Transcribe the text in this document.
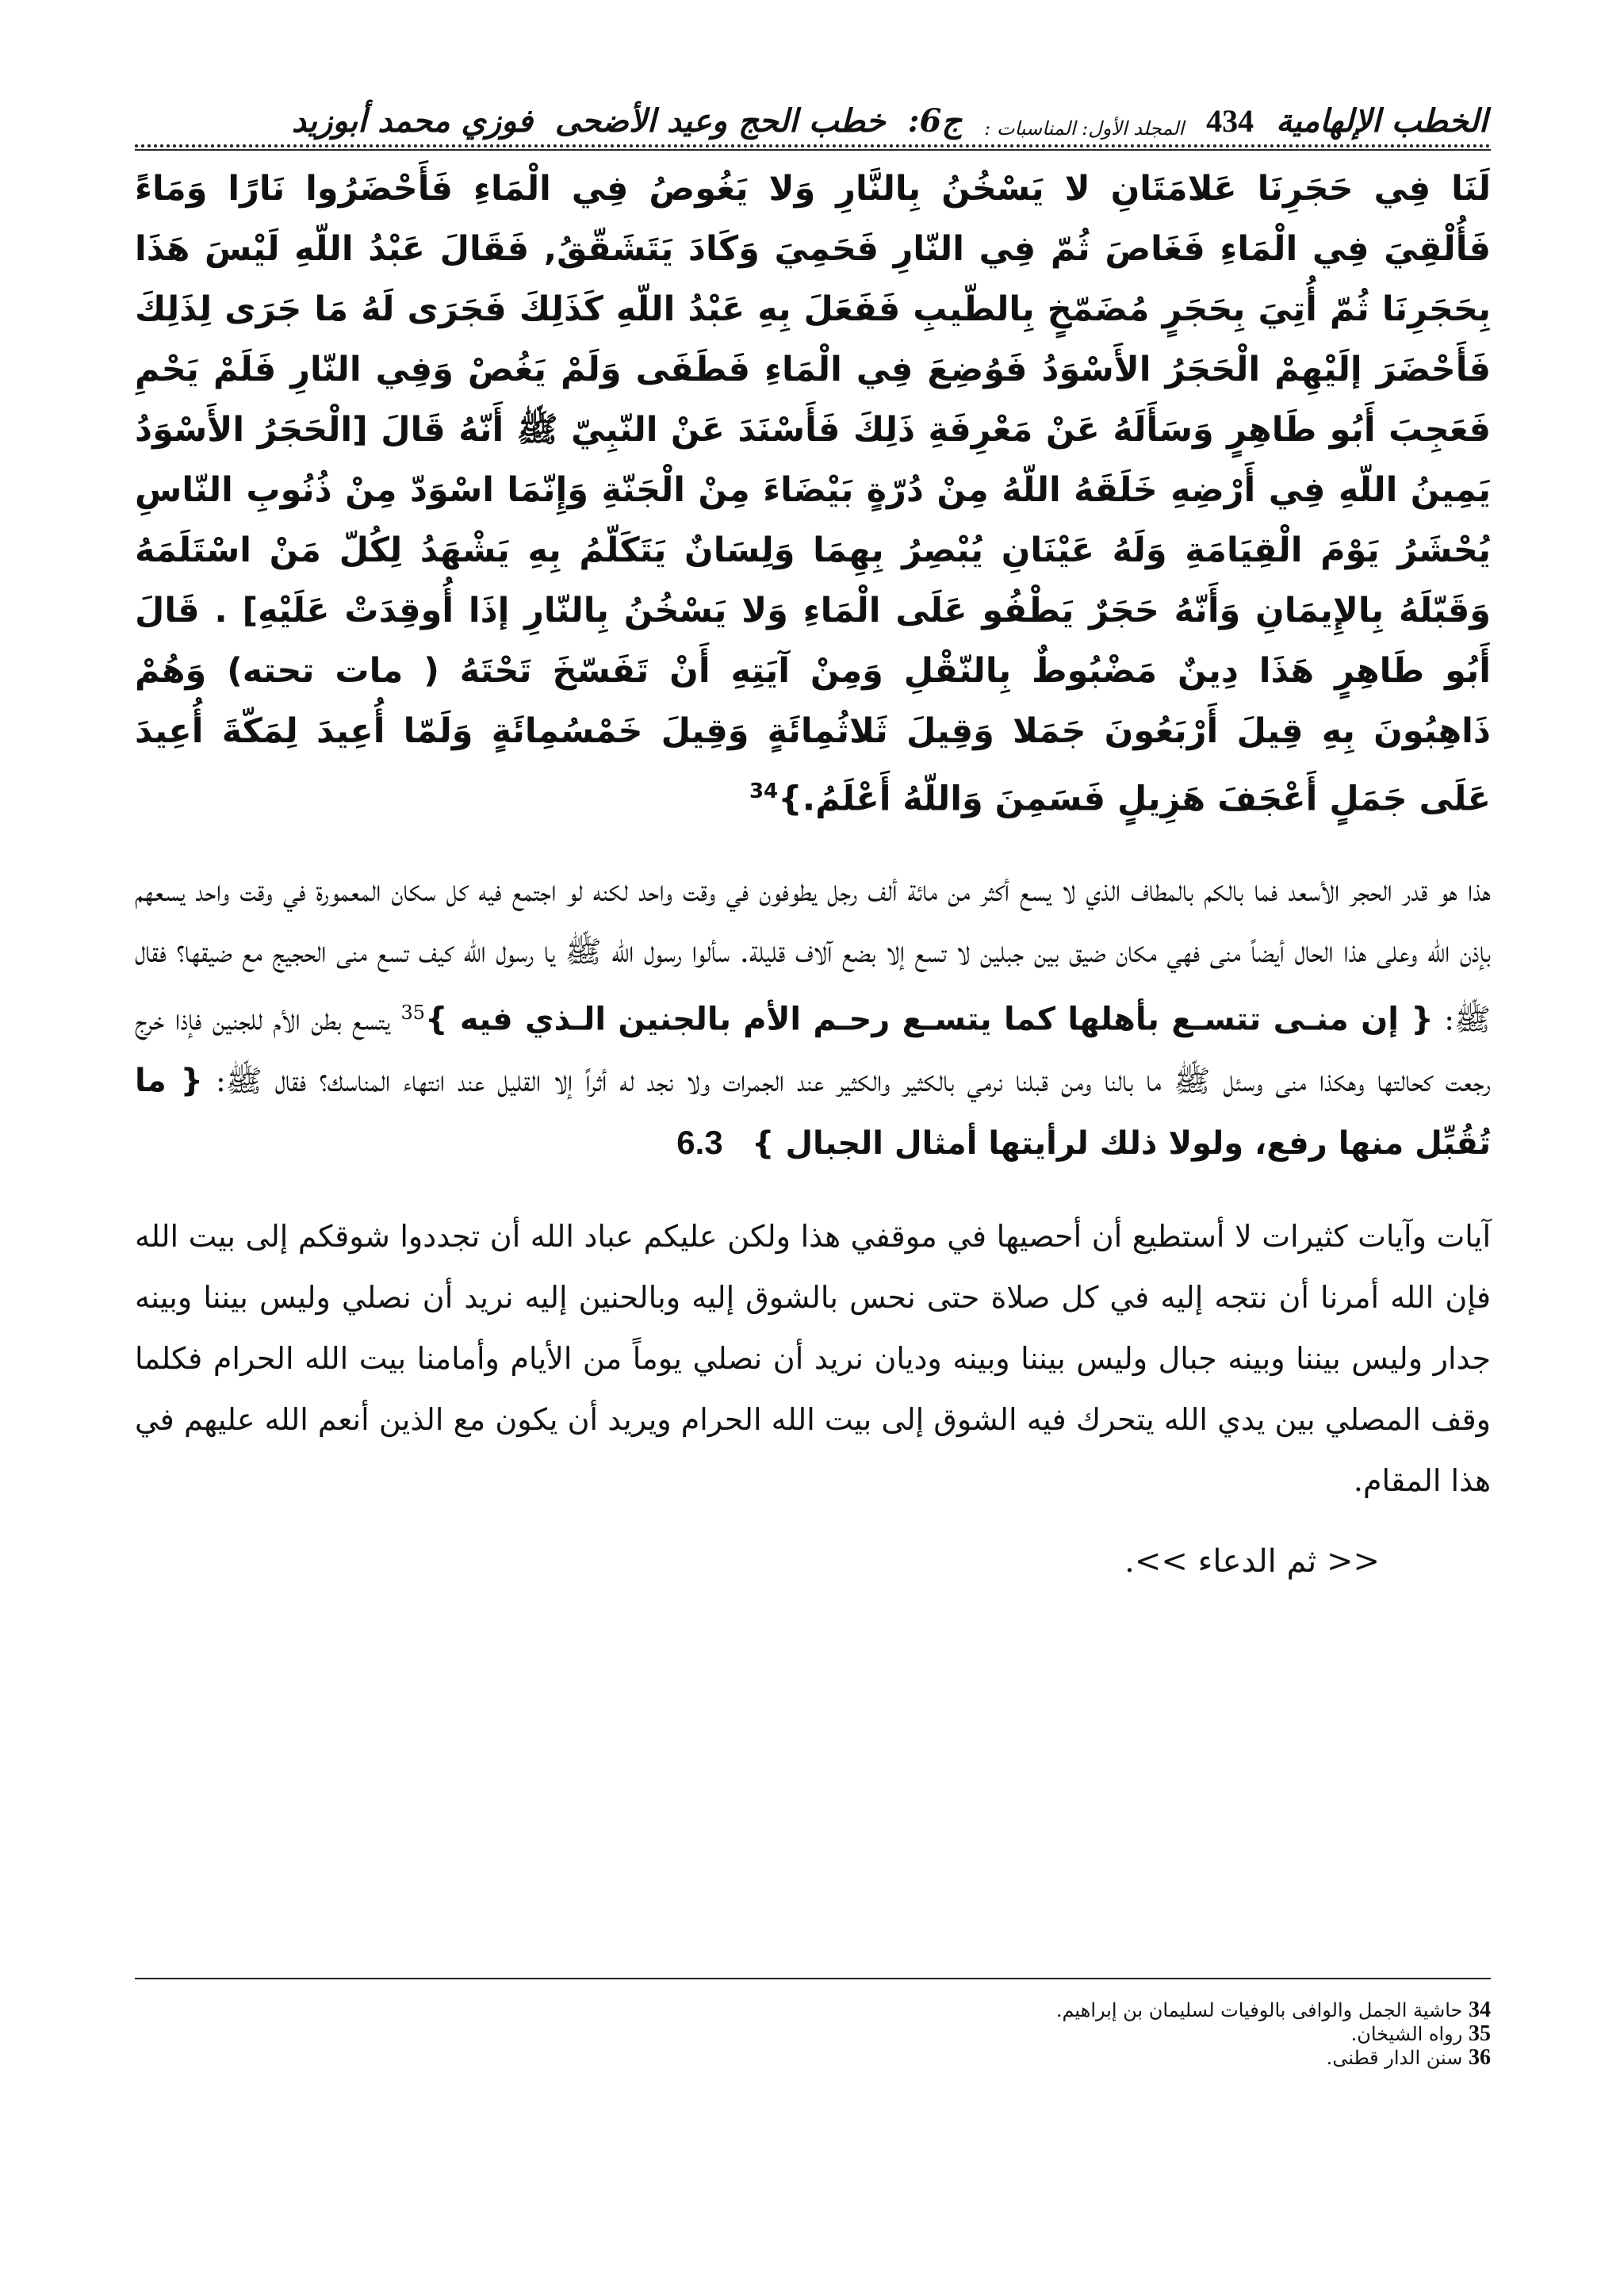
الخطب الإلهامية
434
المجلد الأول: المناسبات :
ج6:
خطب الحج وعيد الأضحى
فوزي محمد أبوزيد
لَنَا فِي حَجَرِنَا عَلامَتَانِ لا يَسْخُنُ بِالنَّارِ وَلا يَغُوصُ فِي الْمَاءِ فَأَحْضَرُوا نَارًا وَمَاءً فَأُلْقِيَ فِي الْمَاءِ فَغَاصَ ثُمّ فِي النّارِ فَحَمِيَ وَكَادَ يَتَشَقّقُ, فَقَالَ عَبْدُ اللّهِ لَيْسَ هَذَا بِحَجَرِنَا ثُمّ أُتِيَ بِحَجَرٍ مُضَمّخٍ بِالطّيبِ فَفَعَلَ بِهِ عَبْدُ اللّهِ كَذَلِكَ فَجَرَى لَهُ مَا جَرَى لِذَلِكَ فَأَحْضَرَ إلَيْهِمْ الْحَجَرُ الأَسْوَدُ فَوُضِعَ فِي الْمَاءِ فَطَفَى وَلَمْ يَغُصْ وَفِي النّارِ فَلَمْ يَحْمِ فَعَجِبَ أَبُو طَاهِرٍ وَسَأَلَهُ عَنْ مَعْرِفَةِ ذَلِكَ فَأَسْنَدَ عَنْ النّبِيّ ﷺ أَنّهُ قَالَ [الْحَجَرُ الأَسْوَدُ يَمِينُ اللّهِ فِي أَرْضِهِ خَلَقَهُ اللّهُ مِنْ دُرّةٍ بَيْضَاءَ مِنْ الْجَنّةِ وَإِنّمَا اسْوَدّ مِنْ ذُنُوبِ النّاسِ يُحْشَرُ يَوْمَ الْقِيَامَةِ وَلَهُ عَيْنَانِ يُبْصِرُ بِهِمَا وَلِسَانٌ يَتَكَلّمُ بِهِ يَشْهَدُ لِكُلّ مَنْ اسْتَلَمَهُ وَقَبّلَهُ بِالإِيمَانِ وَأَنّهُ حَجَرٌ يَطْفُو عَلَى الْمَاءِ وَلا يَسْخُنُ بِالنّارِ إذَا أُوقِدَتْ عَلَيْهِ] . قَالَ أَبُو طَاهِرٍ هَذَا دِينٌ مَضْبُوطٌ بِالنّقْلِ وَمِنْ آيَتِهِ أَنْ تَفَسّخَ تَحْتَهُ ( مات تحته) وَهُمْ ذَاهِبُونَ بِهِ قِيلَ أَرْبَعُونَ جَمَلا وَقِيلَ ثَلاثُمِائَةٍ وَقِيلَ خَمْسُمِائَةٍ وَلَمّا أُعِيدَ لِمَكّةَ أُعِيدَ عَلَى جَمَلٍ أَعْجَفَ هَزِيلٍ فَسَمِنَ وَاللّهُ أَعْلَمُ.}$^{34}$

هذا هو قدر الحجر الأسعد فما بالكم بالمطاف الذي لا يسع أكثر من مائة ألف رجل يطوفون في وقت واحد لكنه لو اجتمع فيه كل سكان المعمورة في وقت واحد يسعهم بإذن الله وعلى هذا الحال أيضاً منى فهي مكان ضيق بين جبلين لا تسع إلا بضع آلاف قليلة. سألوا رسول الله ﷺ يا رسول الله كيف تسع منى الحجيج مع ضيقها؟ فقال ﷺ: { إن منـى تتسـع بأهلها كما يتسـع رحـم الأم بالجنين الـذي فيه }$^{35}$ يتسع بطن الأم للجنين فإذا خرج رجعت كحالتها وهكذا منى وسئل ﷺ ما بالنا ومن قبلنا نرمي بالكثير والكثير عند الجمرات ولا نجد له أثراً إلا القليل عند انتهاء المناسك؟ فقال ﷺ: { ما تُقُبِّل منها رفع، ولولا ذلك لرأيتها أمثال الجبال }   6.3

آيات وآيات كثيرات لا أستطيع أن أحصيها في موقفي هذا ولكن عليكم عباد الله أن تجددوا شوقكم إلى بيت الله فإن الله أمرنا أن نتجه إليه في كل صلاة حتى نحس بالشوق إليه وبالحنين إليه نريد أن نصلي وليس بيننا وبينه جدار وليس بيننا وبينه جبال وليس بيننا وبينه وديان نريد أن نصلي يوماً من الأيام وأمامنا بيت الله الحرام فكلما وقف المصلي بين يدي الله يتحرك فيه الشوق إلى بيت الله الحرام ويريد أن يكون مع الذين أنعم الله عليهم في هذا المقام.

<< ثم الدعاء >>.
34 حاشية الجمل والوافى بالوفيات لسليمان بن إبراهيم.
35 رواه الشيخان.
36 سنن الدار قطنى.
